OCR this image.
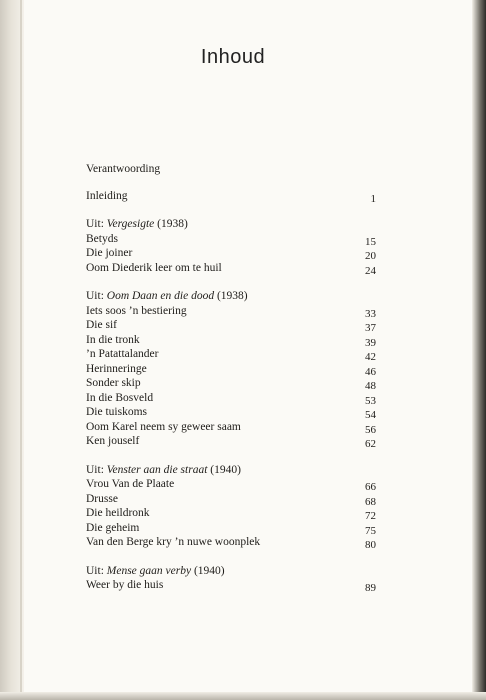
Inhoud
Verantwoording
Inleiding	1
Uit: Vergesigte (1938)
Betyds	15
Die joiner	20
Oom Diederik leer om te huil	24
Uit: Oom Daan en die dood (1938)
Iets soos ’n bestiering	33
Die sif	37
In die tronk	39
’n Patattalander	42
Herinneringe	46
Sonder skip	48
In die Bosveld	53
Die tuiskoms	54
Oom Karel neem sy geweer saam	56
Ken jouself	62
Uit: Venster aan die straat (1940)
Vrou Van de Plaate	66
Drusse	68
Die heildronk	72
Die geheim	75
Van den Berge kry ’n nuwe woonplek	80
Uit: Mense gaan verby (1940)
Weer by die huis	89
